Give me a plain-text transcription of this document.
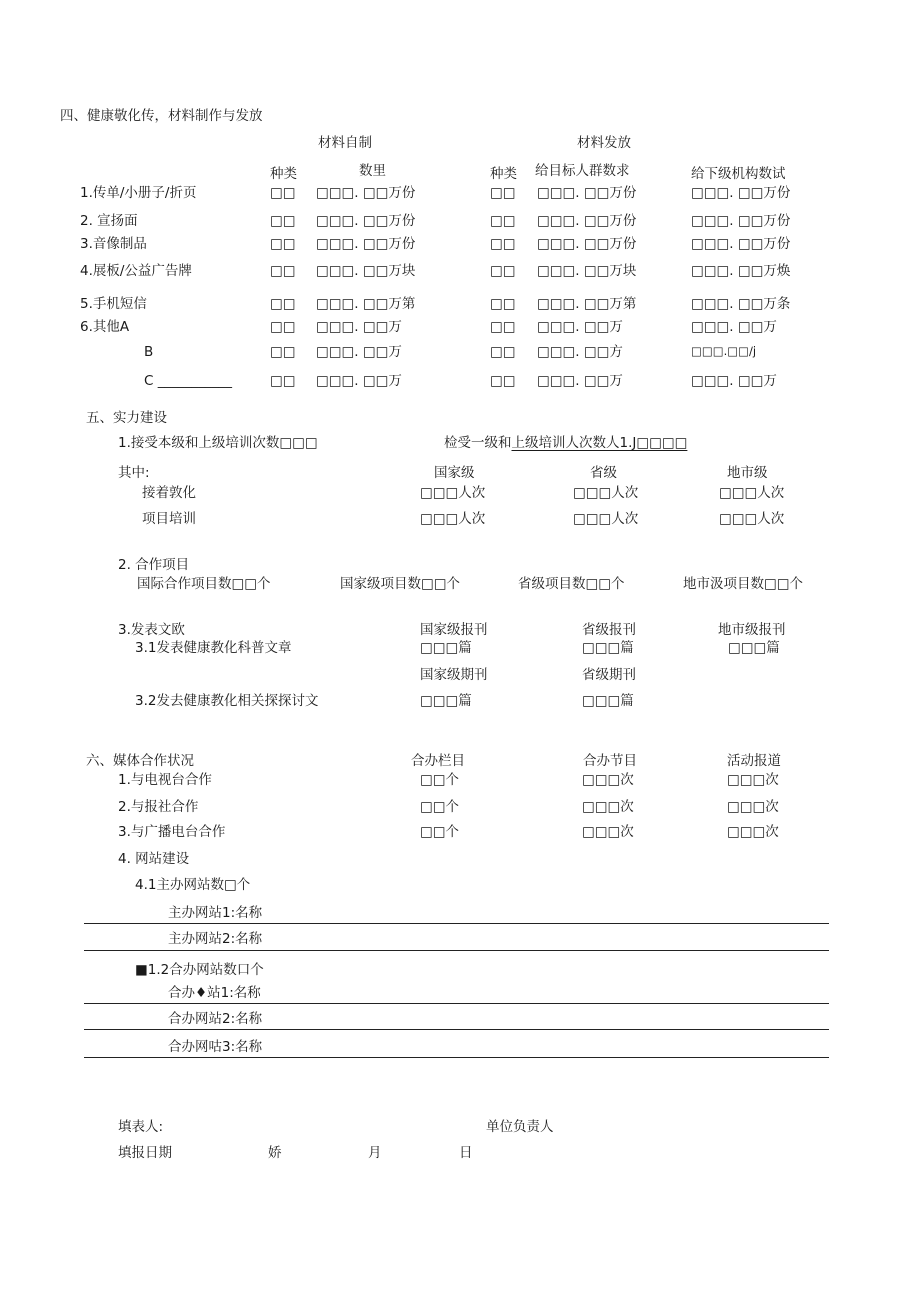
四、健康敬化传，材料制作与发放
材料自制	材料发放
种类	数里	种类 给目标人群数求	给下级机构数试
1.传单/小册子/折页	□□ □□□. □□万份	□□ □□□. □□万份	□□□. □□万份
2. 宣扬面	□□ □□□. □□万份	□□ □□□. □□万份	□□□. □□万份
3.音像制品	□□ □□□. □□万份	□□ □□□. □□万份	□□□. □□万份
4.展板/公益广告牌	□□ □□□. □□万块	□□ □□□. □□万块	□□□. □□万焕
5.手机短信	□□ □□□. □□万第	□□ □□□. □□万第	□□□. □□万条
6.其他A	□□ □□□. □□万	□□ □□□. □□万	□□□. □□万
B	□□ □□□. □□万	□□ □□□. □□方	□□□.□□∕j
C ___________	□□ □□□. □□万	□□ □□□. □□万	□□□. □□万
五、实力建设
1.接受本级和上级培训次数□□□	检受一级和上级培训人次数人1.J□□□□
其中:	国家级	省级	地市级
接着敦化	□□□人次	□□□人次	□□□人次
项目培训	□□□人次	□□□人次	□□□人次
2. 合作项目
国际合作项目数□□个	国家级项目数□□个	省级项目数□□个	地市汲项目数□□个
3.发表文欧	国家级报刊	省级报刊	地市级报刊
3.1发表健康教化科普文章	□□□篇	□□□篇	□□□篇
国家级期刊	省级期刊
3.2发去健康教化相关探探讨文	□□□篇	□□□篇
六、媒体合作状况	合办栏目	合办节目	活动报道
1.与电视台合作	□□个	□□□次	□□□次
2.与报社合作	□□个	□□□次	□□□次
3.与广播电台合作	□□个	□□□次	□□□次
4. 网站建设
4.1主办网站数□个
主办网站1:名称
主办网站2:名称
■1.2合办网站数口个
合办♦站1:名称
合办网站2:名称
合办网咕3:名称
填表人:	单位负责人
填报日期	娇	月	日
